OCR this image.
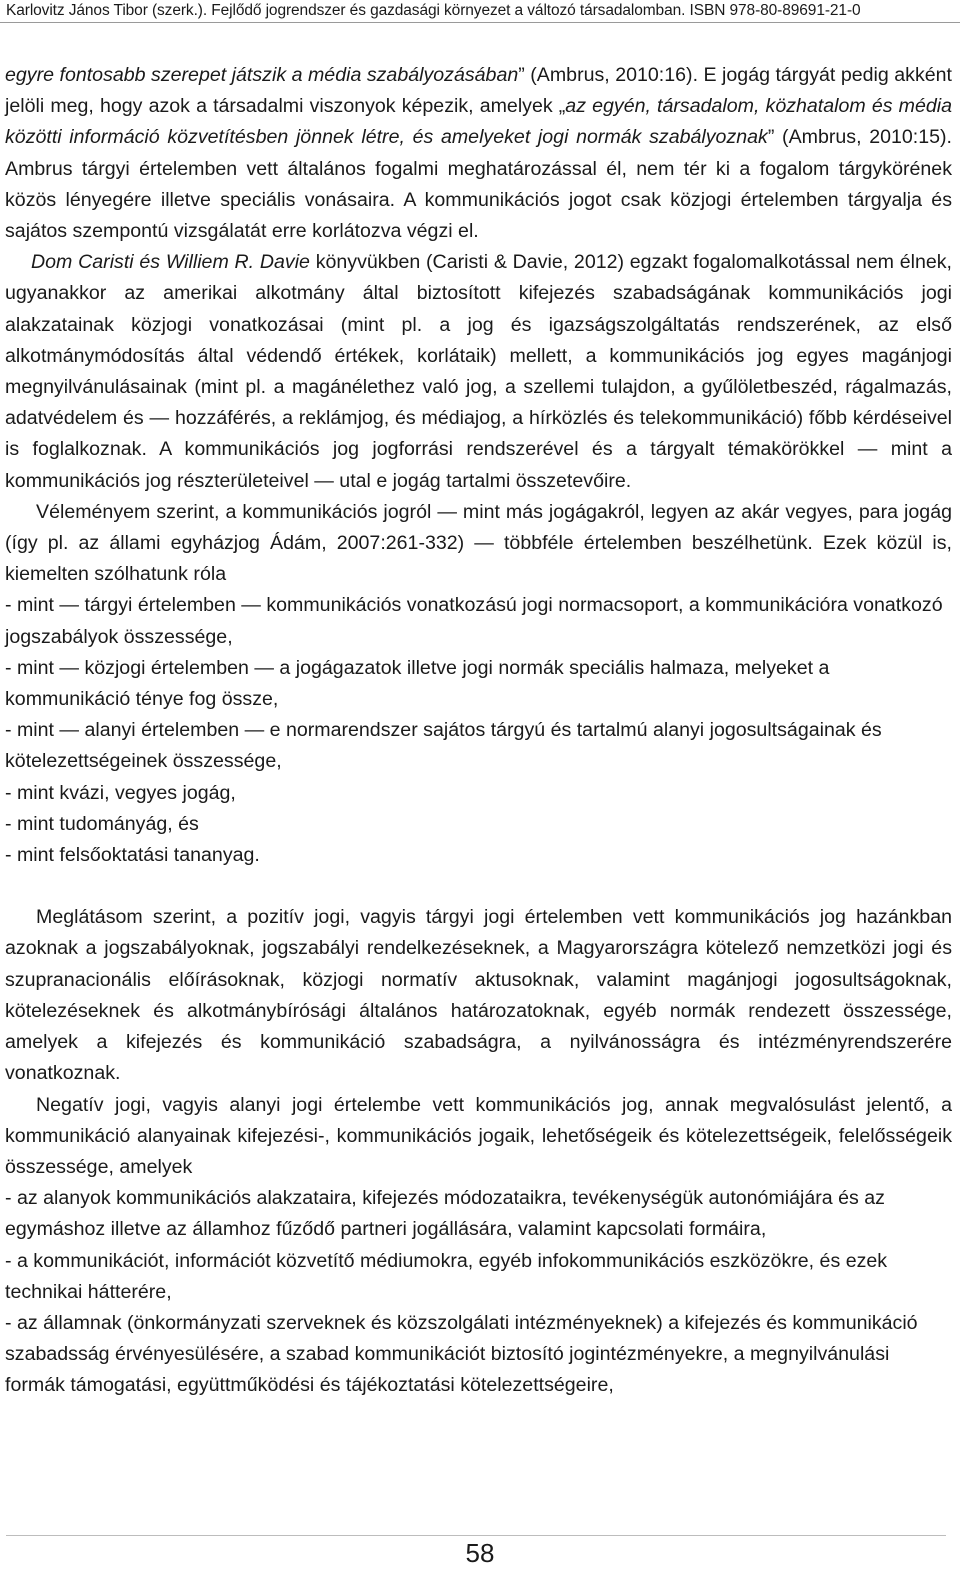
Karlovitz János Tibor (szerk.). Fejlődő jogrendszer és gazdasági környezet a változó társadalomban. ISBN 978-80-89691-21-0

egyre fontosabb szerepet játszik a média szabályozásában” (Ambrus, 2010:16). E jogág tárgyát pedig akként jelöli meg, hogy azok a társadalmi viszonyok képezik, amelyek „az egyén, társadalom, közhatalom és média közötti információ közvetítésben jönnek létre, és amelyeket jogi normák szabályoznak” (Ambrus, 2010:15). Ambrus tárgyi értelemben vett általános fogalmi meghatározással él, nem tér ki a fogalom tárgykörének közös lényegére illetve speciális vonásaira. A kommunikációs jogot csak közjogi értelemben tárgyalja és sajátos szempontú vizsgálatát erre korlátozva végzi el.

Dom Caristi és Williem R. Davie könyvükben (Caristi & Davie, 2012) egzakt fogalomalkotással nem élnek, ugyanakkor az amerikai alkotmány által biztosított kifejezés szabadságának kommunikációs jogi alakzatainak közjogi vonatkozásai (mint pl. a jog és igazságszolgáltatás rendszerének, az első alkotmánymódosítás által védendő értékek, korlátaik) mellett, a kommunikációs jog egyes magánjogi megnyilvánulásainak (mint pl. a magánélethez való jog, a szellemi tulajdon, a gyűlöletbeszéd, rágalmazás, adatvédelem és — hozzáférés, a reklámjog, és médiajog, a hírközlés és telekommunikáció) főbb kérdéseivel is foglalkoznak. A kommunikációs jog jogforrási rendszerével és a tárgyalt témakörökkel — mint a kommunikációs jog részterületeivel — utal e jogág tartalmi összetevőire.

Véleményem szerint, a kommunikációs jogról — mint más jogágakról, legyen az akár vegyes, para jogág (így pl. az állami egyházjog Ádám, 2007:261-332) — többféle értelemben beszélhetünk. Ezek közül is, kiemelten szólhatunk róla

- mint — tárgyi értelemben — kommunikációs vonatkozású jogi normacsoport, a kommunikációra vonatkozó jogszabályok összessége,
- mint — közjogi értelemben — a jogágazatok illetve jogi normák speciális halmaza, melyeket a kommunikáció ténye fog össze,
- mint — alanyi értelemben — e normarendszer sajátos tárgyú és tartalmú alanyi jogosultságainak és kötelezettségeinek összessége,
- mint kvázi, vegyes jogág,
- mint tudományág, és
- mint felsőoktatási tananyag.

Meglátásom szerint, a pozitív jogi, vagyis tárgyi jogi értelemben vett kommunikációs jog hazánkban azoknak a jogszabályoknak, jogszabályi rendelkezéseknek, a Magyarországra kötelező nemzetközi jogi és szupranacionális előírásoknak, közjogi normatív aktusoknak, valamint magánjogi jogosultságoknak, kötelezéseknek és alkotmánybírósági általános határozatoknak, egyéb normák rendezett összessége, amelyek a kifejezés és kommunikáció szabadságra, a nyilvánosságra és intézményrendszerére vonatkoznak.

Negatív jogi, vagyis alanyi jogi értelembe vett kommunikációs jog, annak megvalósulást jelentő, a kommunikáció alanyainak kifejezési-, kommunikációs jogaik, lehetőségeik és kötelezettségeik, felelősségeik összessége, amelyek

- az alanyok kommunikációs alakzataira, kifejezés módozataikra, tevékenységük autonómiájára és az egymáshoz illetve az államhoz fűződő partneri jogállására, valamint kapcsolati formáira,
- a kommunikációt, információt közvetítő médiumokra, egyéb infokommunikációs eszközökre, és ezek technikai hátterére,
- az államnak (önkormányzati szerveknek és közszolgálati intézményeknek) a kifejezés és kommunikáció szabadsság érvényesülésére, a szabad kommunikációt biztosító jogintézményekre, a megnyilvánulási formák támogatási, együttműködési és tájékoztatási kötelezettségeire,
58
